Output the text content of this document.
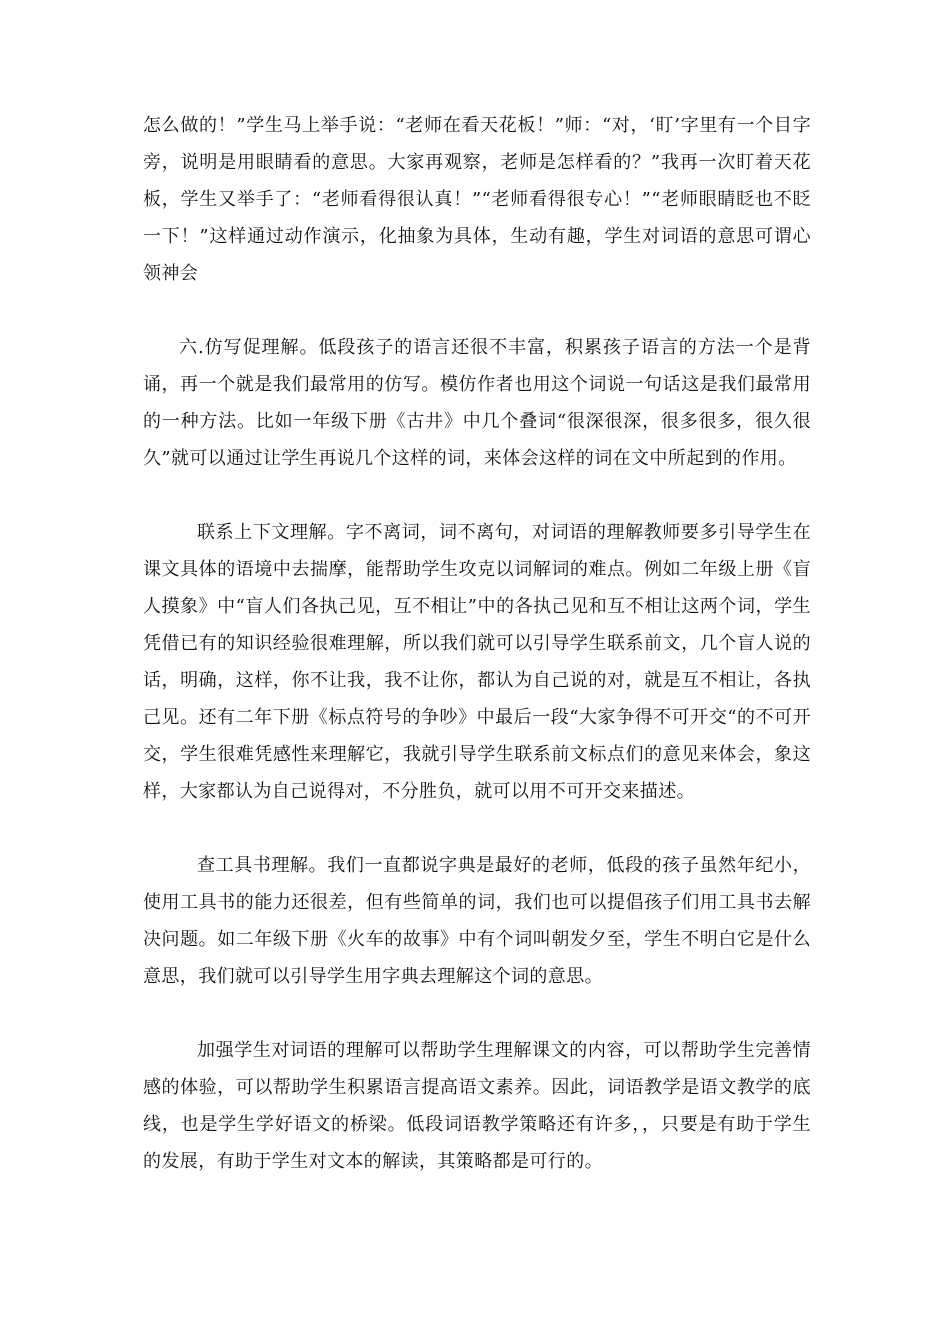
怎么做的！”学生马上举手说：“老师在看天花板！”师：“对，‘盯’字里有一个目字旁，说明是用眼睛看的意思。大家再观察，老师是怎样看的？”我再一次盯着天花板，学生又举手了：“老师看得很认真！”“老师看得很专心！”“老师眼睛眨也不眨一下！”这样通过动作演示，化抽象为具体，生动有趣，学生对词语的意思可谓心领神会

六.仿写促理解。低段孩子的语言还很不丰富，积累孩子语言的方法一个是背诵，再一个就是我们最常用的仿写。模仿作者也用这个词说一句话这是我们最常用的一种方法。比如一年级下册《古井》中几个叠词“很深很深，很多很多，很久很久”就可以通过让学生再说几个这样的词，来体会这样的词在文中所起到的作用。

联系上下文理解。字不离词，词不离句，对词语的理解教师要多引导学生在课文具体的语境中去揣摩，能帮助学生攻克以词解词的难点。例如二年级上册《盲人摸象》中“盲人们各执己见，互不相让”中的各执己见和互不相让这两个词，学生凭借已有的知识经验很难理解，所以我们就可以引导学生联系前文，几个盲人说的话，明确，这样，你不让我，我不让你，都认为自己说的对，就是互不相让，各执己见。还有二年下册《标点符号的争吵》中最后一段“大家争得不可开交“的不可开交，学生很难凭感性来理解它，我就引导学生联系前文标点们的意见来体会，象这样，大家都认为自己说得对，不分胜负，就可以用不可开交来描述。

查工具书理解。我们一直都说字典是最好的老师，低段的孩子虽然年纪小，使用工具书的能力还很差，但有些简单的词，我们也可以提倡孩子们用工具书去解决问题。如二年级下册《火车的故事》中有个词叫朝发夕至，学生不明白它是什么意思，我们就可以引导学生用字典去理解这个词的意思。

加强学生对词语的理解可以帮助学生理解课文的内容，可以帮助学生完善情感的体验，可以帮助学生积累语言提高语文素养。因此，词语教学是语文教学的底线，也是学生学好语文的桥梁。低段词语教学策略还有许多，，只要是有助于学生的发展，有助于学生对文本的解读，其策略都是可行的。
